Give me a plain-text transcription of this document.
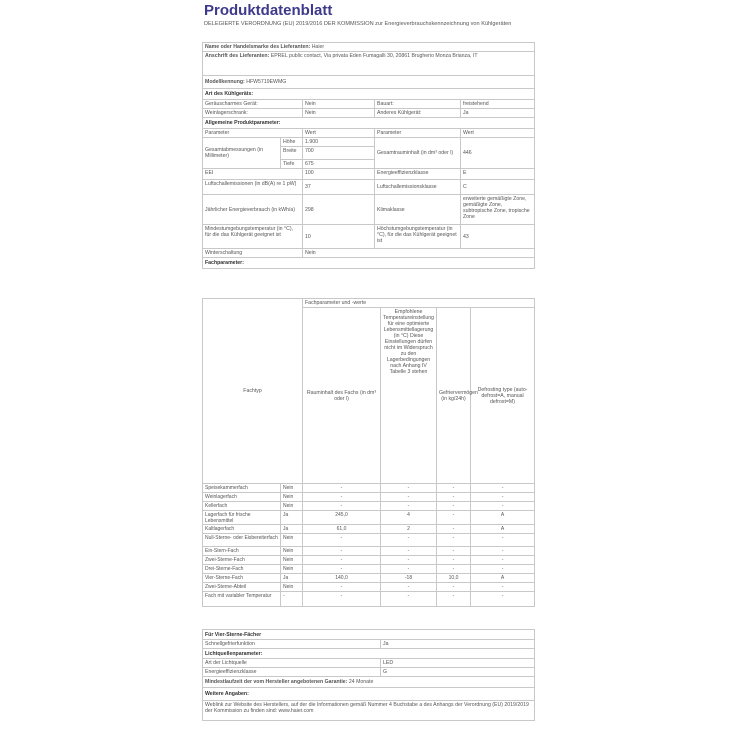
Produktdatenblatt
DELEGIERTE VERORDNUNG (EU) 2019/2016 DER KOMMISSION zur Energieverbrauchskennzeichnung von Kühlgeräten
Name oder Handelsmarke des Lieferanten: Haier				
Anschrift des Lieferanten: EPREL public contact, Via privata Eden Fumagalli 30, 20861 Brugherio Monza Brianza, IT				
Modellkennung: HFW5719EWMG				
Art des Kühlgeräts:				
Geräuscharmes Gerät:		Nein	Bauart:	freistehend
Weinlagerschrank:		Nein	Anderes Kühlgerät:	Ja
Allgemeine Produktparameter:				
Parameter		Wert	Parameter	Wert
Gesamtabmessungen (in Millimeter)	Höhe	1.900	Gesamtrauminhalt (in dm³ oder l)	446
	Breite	700		
	Tiefe	675		
EEI		100	Energieeffizienzklasse	E
Luftschallemissionen (in dB(A) re 1 pW)		37	Luftschallemissionsklasse	C
Jährlicher Energieverbrauch (in kWh/a)		298	Klimaklasse	erweiterte gemäßigte Zone, gemäßigte Zone, subtropische Zone, tropische Zone
Mindestumgebungstemperatur (in °C), für die das Kühlgerät geeignet ist		10	Höchstumgebungstemperatur (in °C), für die das Kühlgerät geeignet ist	43
Winterschaltung		Nein		
Fachparameter:				
Fachtyp		Fachparameter und -werte			
		Rauminhalt des Fachs (in dm³ oder l)	Empfohlene Temperatureinstellung für eine optimierte Lebensmittellagerung (in °C) Diese Einstellungen dürfen nicht im Widerspruch zu den Lagerbedingungen nach Anhang IV Tabelle 3 stehen	Gefriervermögen (in kg/24h)	Defrosting type (auto-defrost=A, manual defrost=M)
Speisekammerfach	Nein	-	-	-	-
Weinlagerfach	Nein	-	-	-	-
Kellerfach	Nein	-	-	-	-
Lagerfach für frische Lebensmittel	Ja	245,0	4	-	A
Kaltlagerfach	Ja	61,0	2	-	A
Null-Sterne- oder Eisbereiterfach	Nein	-	-	-	-
Ein-Stern-Fach	Nein	-	-	-	-
Zwei-Sterne-Fach	Nein	-	-	-	-
Drei-Sterne-Fach	Nein	-	-	-	-
Vier-Sterne-Fach	Ja	140,0	-18	10,0	A
Zwei-Sterne-Abteil	Nein	-	-	-	-
Fach mit variabler Temperatur	-	-	-	-	-
Für Vier-Sterne-Fächer	
Schnellgefrierfunktion	Ja
Lichtquellenparameter:	
Art der Lichtquelle	LED
Energieeffizienzklasse	G
Mindestlaufzeit der vom Hersteller angebotenen Garantie: 24 Monate	
Weitere Angaben:	
Weblink zur Website des Herstellers, auf der die Informationen gemäß Nummer 4 Buchstabe a des Anhangs der Verordnung (EU) 2019/2019 der Kommission zu finden sind: www.haier.com	
